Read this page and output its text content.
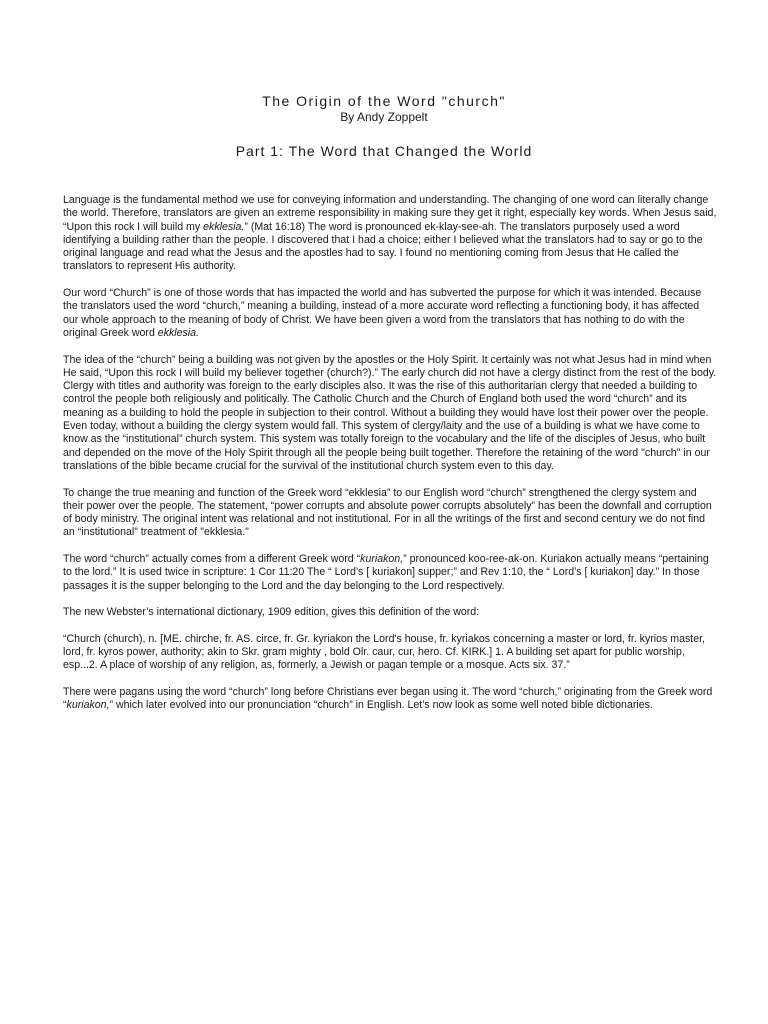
The Origin of the Word "church"
By Andy Zoppelt
Part 1: The Word that Changed the World

Language is the fundamental method we use for conveying information and understanding. The changing of one word can literally change the world. Therefore, translators are given an extreme responsibility in making sure they get it right, especially key words. When Jesus said, “Upon this rock I will build my ekklesia.” (Mat 16:18) The word is pronounced ek-klay-see-ah. The translators purposely used a word identifying a building rather than the people. I discovered that I had a choice; either I believed what the translators had to say or go to the original language and read what the Jesus and the apostles had to say. I found no mentioning coming from Jesus that He called the translators to represent His authority.

Our word “Church” is one of those words that has impacted the world and has subverted the purpose for which it was intended. Because the translators used the word “church,” meaning a building, instead of a more accurate word reflecting a functioning body, it has affected our whole approach to the meaning of body of Christ. We have been given a word from the translators that has nothing to do with the original Greek word ekklesia.

The idea of the “church” being a building was not given by the apostles or the Holy Spirit. It certainly was not what Jesus had in mind when He said, “Upon this rock I will build my believer together (church?).” The early church did not have a clergy distinct from the rest of the body. Clergy with titles and authority was foreign to the early disciples also. It was the rise of this authoritarian clergy that needed a building to control the people both religiously and politically. The Catholic Church and the Church of England both used the word “church” and its meaning as a building to hold the people in subjection to their control. Without a building they would have lost their power over the people. Even today, without a building the clergy system would fall. This system of clergy/laity and the use of a building is what we have come to know as the “institutional” church system. This system was totally foreign to the vocabulary and the life of the disciples of Jesus, who built and depended on the move of the Holy Spirit through all the people being built together. Therefore the retaining of the word "church" in our translations of the bible became crucial for the survival of the institutional church system even to this day.

To change the true meaning and function of the Greek word “ekklesia” to our English word “church” strengthened the clergy system and their power over the people. The statement, “power corrupts and absolute power corrupts absolutely” has been the downfall and corruption of body ministry. The original intent was relational and not institutional. For in all the writings of the first and second century we do not find an “institutional” treatment of "ekklesia."

The word “church” actually comes from a different Greek word “kuriakon,” pronounced koo-ree-ak-on. Kuriakon actually means “pertaining to the lord.” It is used twice in scripture: 1 Cor 11:20 The “ Lord’s [ kuriakon] supper;” and Rev 1:10, the “ Lord’s [ kuriakon] day.” In those passages it is the supper belonging to the Lord and the day belonging to the Lord respectively.

The new Webster’s international dictionary, 1909 edition, gives this definition of the word:

“Church (church), n. [ME. chirche, fr. AS. circe, fr. Gr. kyriakon the Lord's house, fr. kyriakos concerning a master or lord, fr. kyrios master, lord, fr. kyros power, authority; akin to Skr. gram mighty , bold Olr. caur, cur, hero. Cf. KIRK.] 1. A building set apart for public worship, esp...2. A place of worship of any religion, as, formerly, a Jewish or pagan temple or a mosque. Acts six. 37.”

There were pagans using the word “church” long before Christians ever began using it. The word “church,” originating from the Greek word “kuriakon,” which later evolved into our pronunciation “church” in English. Let’s now look as some well noted bible dictionaries.
